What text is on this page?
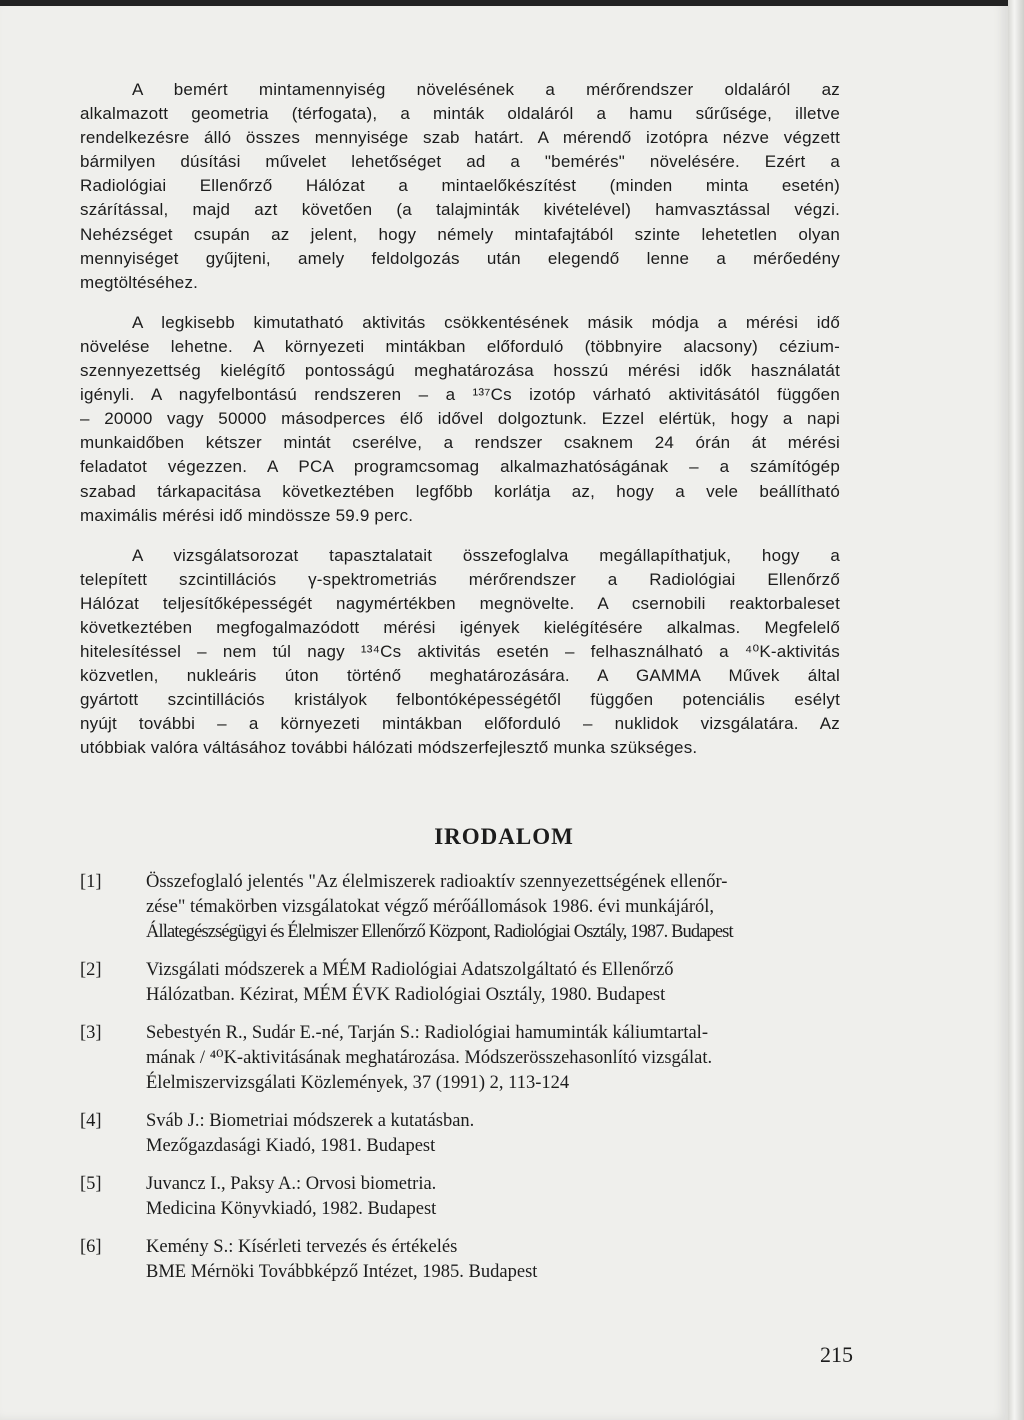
A bemért mintamennyiség növelésének a mérőrendszer oldaláról az
alkalmazott geometria (térfogata), a minták oldaláról a hamu sűrűsége, illetve
rendelkezésre álló összes mennyisége szab határt. A mérendő izotópra nézve végzett
bármilyen dúsítási művelet lehetőséget ad a "bemérés" növelésére. Ezért a
Radiológiai Ellenőrző Hálózat a mintaelőkészítést (minden minta esetén)
szárítással, majd azt követően (a talajminták kivételével) hamvasztással végzi.
Nehézséget csupán az jelent, hogy némely mintafajtából szinte lehetetlen olyan
mennyiséget gyűjteni, amely feldolgozás után elegendő lenne a mérőedény
megtöltéséhez.
A legkisebb kimutatható aktivitás csökkentésének másik módja a mérési idő
növelése lehetne. A környezeti mintákban előforduló (többnyire alacsony) cézium-
szennyezettség kielégítő pontosságú meghatározása hosszú mérési idők használatát
igényli. A nagyfelbontású rendszeren – a ¹³⁷Cs izotóp várható aktivitásától függően
– 20000 vagy 50000 másodperces élő idővel dolgoztunk. Ezzel elértük, hogy a napi
munkaidőben kétszer mintát cserélve, a rendszer csaknem 24 órán át mérési
feladatot végezzen. A PCA programcsomag alkalmazhatóságának – a számítógép
szabad tárkapacitása következtében legfőbb korlátja az, hogy a vele beállítható
maximális mérési idő mindössze 59.9 perc.
A vizsgálatsorozat tapasztalatait összefoglalva megállapíthatjuk, hogy a
telepített szcintillációs γ-spektrometriás mérőrendszer a Radiológiai Ellenőrző
Hálózat teljesítőképességét nagymértékben megnövelte. A csernobili reaktorbaleset
következtében megfogalmazódott mérési igények kielégítésére alkalmas. Megfelelő
hitelesítéssel – nem túl nagy ¹³⁴Cs aktivitás esetén – felhasználható a ⁴⁰K-aktivitás
közvetlen, nukleáris úton történő meghatározására. A GAMMA Művek által
gyártott szcintillációs kristályok felbontóképességétől függően potenciális esélyt
nyújt további – a környezeti mintákban előforduló – nuklidok vizsgálatára. Az
utóbbiak valóra váltásához további hálózati módszerfejlesztő munka szükséges.
IRODALOM
[1]	Összefoglaló jelentés "Az élelmiszerek radioaktív szennyezettségének ellenőr-
zése" témakörben vizsgálatokat végző mérőállomások 1986. évi munkájáról,
Állategészségügyi és Élelmiszer Ellenőrző Központ, Radiológiai Osztály, 1987. Budapest
[2]	Vizsgálati módszerek a MÉM Radiológiai Adatszolgáltató és Ellenőrző
Hálózatban. Kézirat, MÉM ÉVK Radiológiai Osztály, 1980. Budapest
[3]	Sebestyén R., Sudár E.-né, Tarján S.: Radiológiai hamuminták káliumtartal-
mának / ⁴⁰K-aktivitásának meghatározása. Módszerösszehasonlító vizsgálat.
Élelmiszervizsgálati Közlemények, 37 (1991) 2, 113-124
[4]	Sváb J.: Biometriai módszerek a kutatásban.
Mezőgazdasági Kiadó, 1981. Budapest
[5]	Juvancz I., Paksy A.: Orvosi biometria.
Medicina Könyvkiadó, 1982. Budapest
[6]	Kemény S.: Kísérleti tervezés és értékelés
BME Mérnöki Továbbképző Intézet, 1985. Budapest
215
